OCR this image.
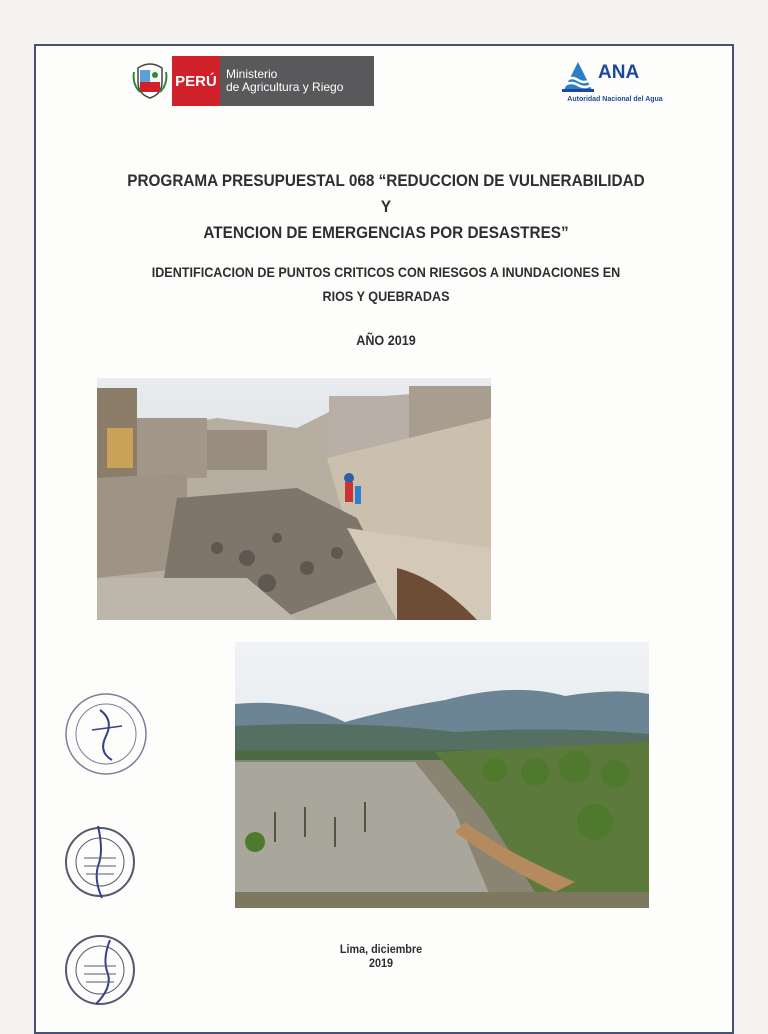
PERÚ Ministerio
de Agricultura y Riego
ANA
Autoridad Nacional del Agua
PROGRAMA PRESUPUESTAL 068 “REDUCCION DE VULNERABILIDAD Y
ATENCION DE EMERGENCIAS POR DESASTRES”
IDENTIFICACION DE PUNTOS CRITICOS CON RIESGOS A INUNDACIONES EN
RIOS Y QUEBRADAS
AÑO 2019
Lima, diciembre 2019
